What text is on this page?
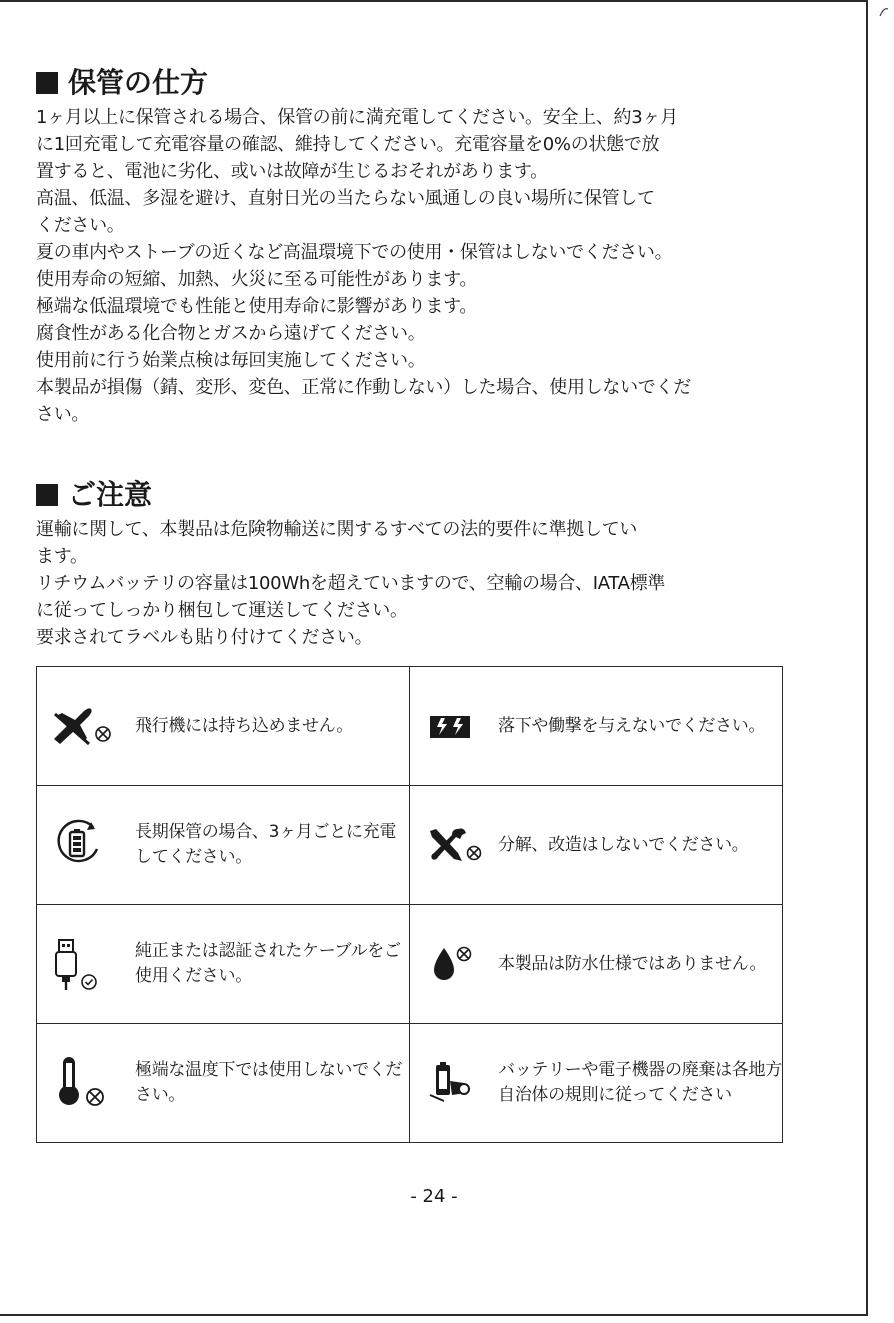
保管の仕方

1ヶ月以上に保管される場合、保管の前に満充電してください。安全上、約3ヶ月

に1回充電して充電容量の確認、維持してください。充電容量を0%の状態で放

置すると、電池に劣化、或いは故障が生じるおそれがあります。

高温、低温、多湿を避け、直射日光の当たらない風通しの良い場所に保管して

ください。

夏の車内やストーブの近くなど高温環境下での使用・保管はしないでください。

使用寿命の短縮、加熱、火災に至る可能性があります。

極端な低温環境でも性能と使用寿命に影響があります。

腐食性がある化合物とガスから遠げてください。

使用前に行う始業点検は毎回実施してください。

本製品が損傷（錆、変形、変色、正常に作動しない）した場合、使用しないでくだ

さい。

ご注意

運輸に関して、本製品は危険物輸送に関するすべての法的要件に準拠してい

ます。

リチウムバッテリの容量は100Whを超えていますので、空輸の場合、IATA標準

に従ってしっかり梱包して運送してください。

要求されてラベルも貼り付けてください。

飛行機には持ち込めません。	落下や働撃を与えないでください。

長期保管の場合、3ヶ月ごとに充電してください。	分解、改造はしないでください。

純正または認証されたケーブルをご使用ください。	本製品は防水仕様ではありません。

極端な温度下では使用しないでください。	バッテリーや電子機器の廃棄は各地方自治体の規則に従ってください
- 24 -
